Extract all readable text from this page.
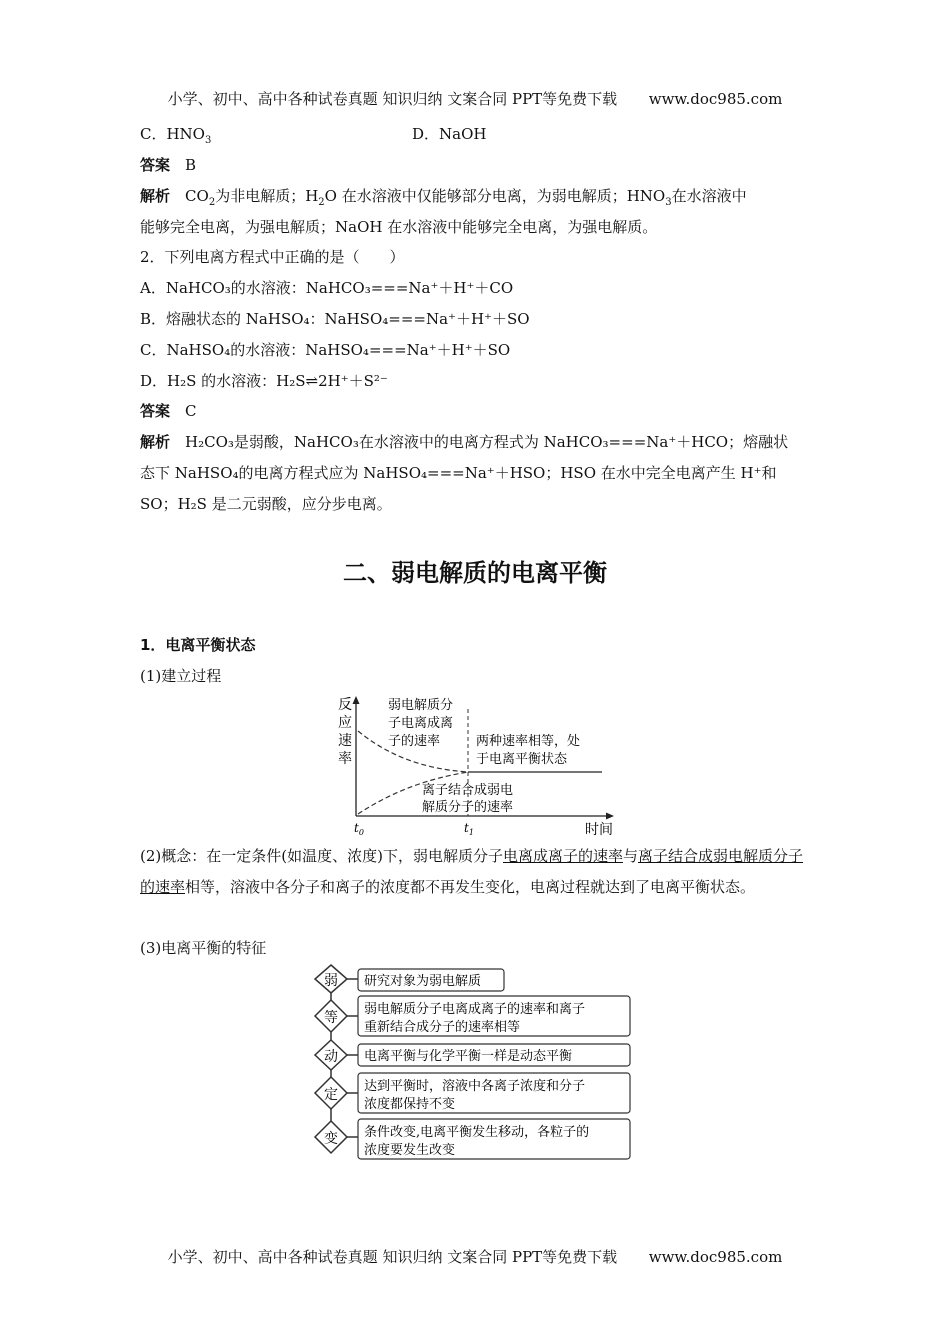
小学、初中、高中各种试卷真题 知识归纳 文案合同 PPT等免费下载 www.doc985.com
C．$HNO_3$	D．NaOH
答案　 B
解析　 $CO_2$为非电解质；$H_2O$ 在水溶液中仅能够部分电离，为弱电解质；$HNO_3$在水溶液中
能够完全电离，为强电解质；NaOH 在水溶液中能够完全电离，为强电解质。
2．下列电离方程式中正确的是（　　）
A．NaHCO₃的水溶液：NaHCO₃===Na⁺＋H⁺＋CO
B．熔融状态的 NaHSO₄：NaHSO₄===Na⁺＋H⁺＋SO
C．NaHSO₄的水溶液：NaHSO₄===Na⁺＋H⁺＋SO
D．H₂S 的水溶液：H₂S⇌2H⁺＋S²⁻
答案　 C
解析　 H₂CO₃是弱酸，NaHCO₃在水溶液中的电离方程式为 NaHCO₃===Na⁺＋HCO；熔融状
态下 NaHSO₄的电离方程式应为 NaHSO₄===Na⁺＋HSO；HSO 在水中完全电离产生 H⁺和
SO；H₂S 是二元弱酸，应分步电离。
二、弱电解质的电离平衡
1．电离平衡状态
(1)建立过程
反
应
速
率
弱电解质分
子电离成离
子的速率	两种速率相等，处
于电离平衡状态
离子结合成弱电
解质分子的速率
$t_0$	$t_1$	时间
(2)概念：在一定条件(如温度、浓度)下，弱电解质分子电离成离子的速率与离子结合成弱电解质分子的速率相等，溶液中各分子和离子的浓度都不再发生变化，电离过程就达到了电离平衡状态。
(3)电离平衡的特征
弱 研究对象为弱电解质
等
弱电解质分子电离成离子的速率和离子
重新结合成分子的速率相等
动 电离平衡与化学平衡一样是动态平衡
定
达到平衡时，溶液中各离子浓度和分子
浓度都保持不变
变 条件改变,电离平衡发生移动，各粒子的
浓度要发生改变
小学、初中、高中各种试卷真题 知识归纳 文案合同 PPT等免费下载 www.doc985.com
